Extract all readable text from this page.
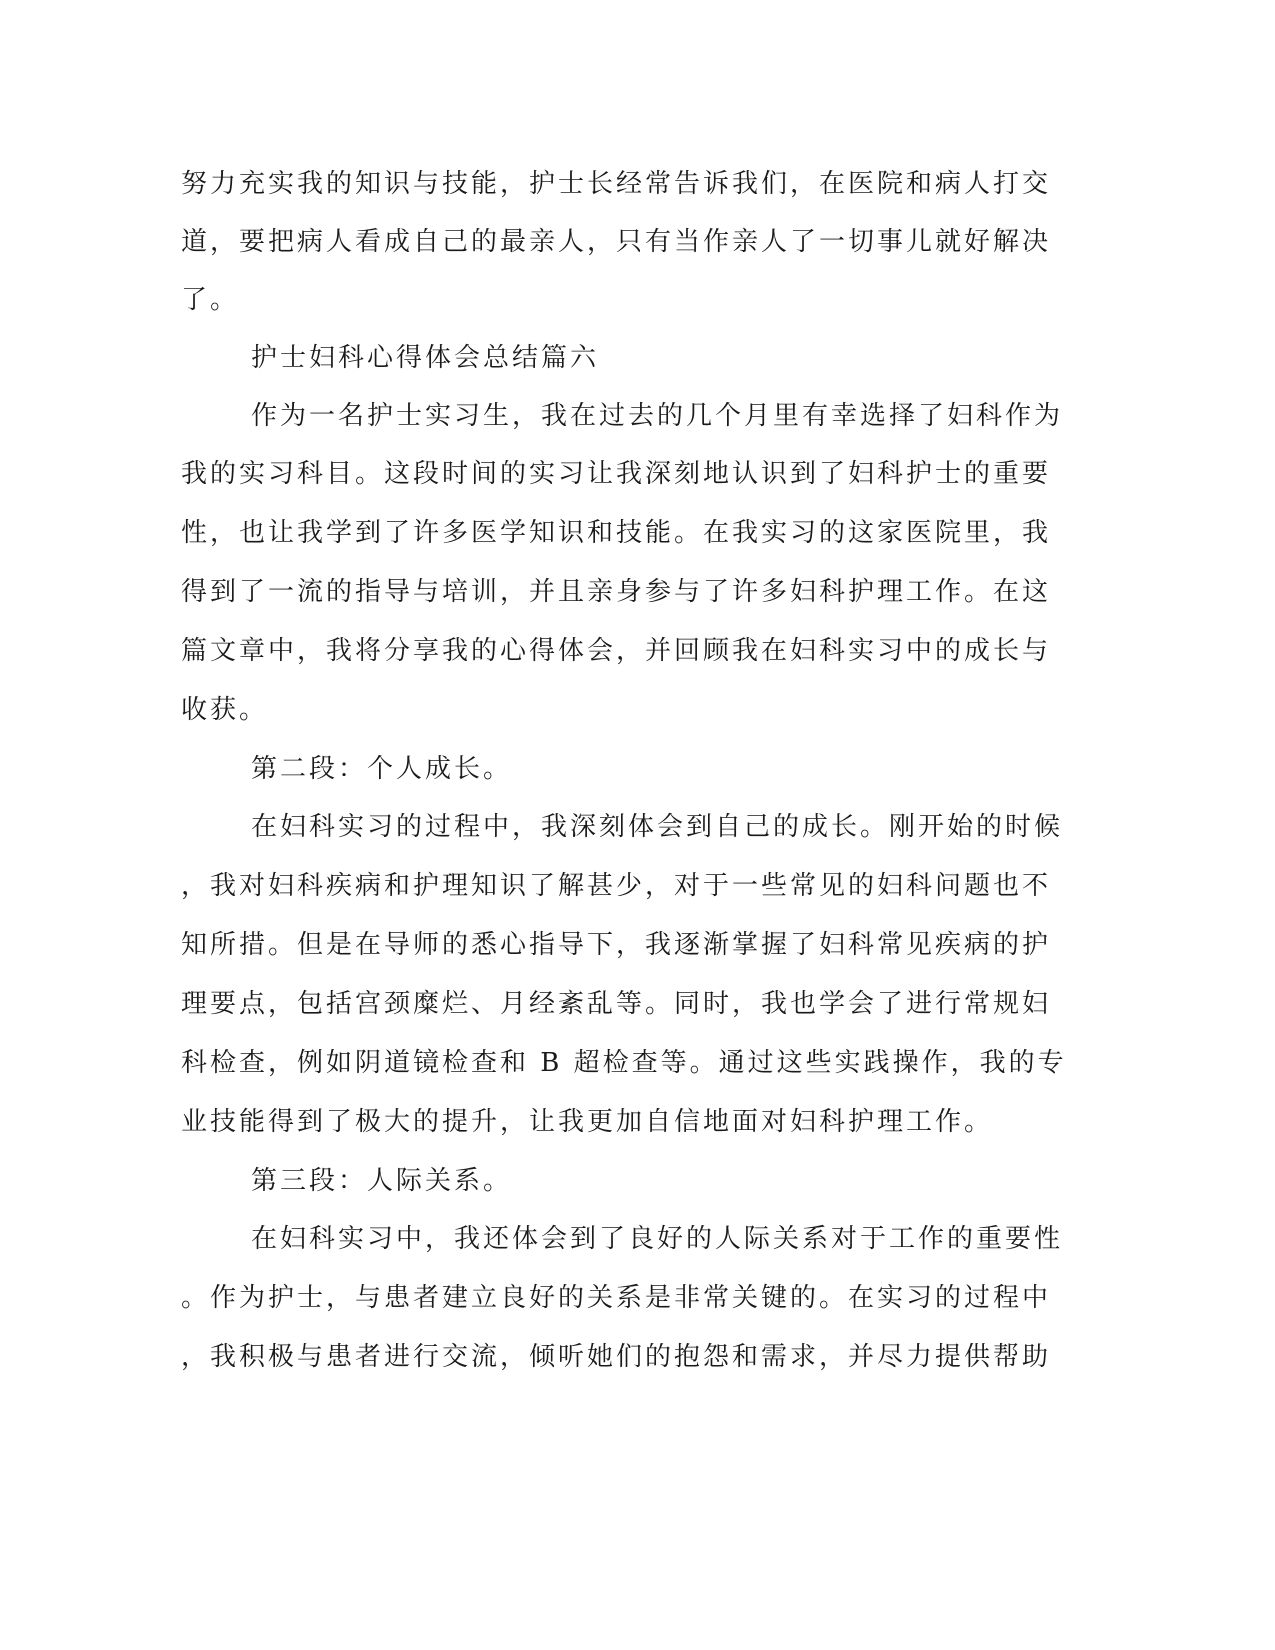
努力充实我的知识与技能，护士长经常告诉我们，在医院和病人打交
道，要把病人看成自己的最亲人，只有当作亲人了一切事儿就好解决
了。
护士妇科心得体会总结篇六
作为一名护士实习生，我在过去的几个月里有幸选择了妇科作为
我的实习科目。这段时间的实习让我深刻地认识到了妇科护士的重要
性，也让我学到了许多医学知识和技能。在我实习的这家医院里，我
得到了一流的指导与培训，并且亲身参与了许多妇科护理工作。在这
篇文章中，我将分享我的心得体会，并回顾我在妇科实习中的成长与
收获。
第二段：个人成长。
在妇科实习的过程中，我深刻体会到自己的成长。刚开始的时候
，我对妇科疾病和护理知识了解甚少，对于一些常见的妇科问题也不
知所措。但是在导师的悉心指导下，我逐渐掌握了妇科常见疾病的护
理要点，包括宫颈糜烂、月经紊乱等。同时，我也学会了进行常规妇
科检查，例如阴道镜检查和 B 超检查等。通过这些实践操作，我的专
业技能得到了极大的提升，让我更加自信地面对妇科护理工作。
第三段：人际关系。
在妇科实习中，我还体会到了良好的人际关系对于工作的重要性
。作为护士，与患者建立良好的关系是非常关键的。在实习的过程中
，我积极与患者进行交流，倾听她们的抱怨和需求，并尽力提供帮助
